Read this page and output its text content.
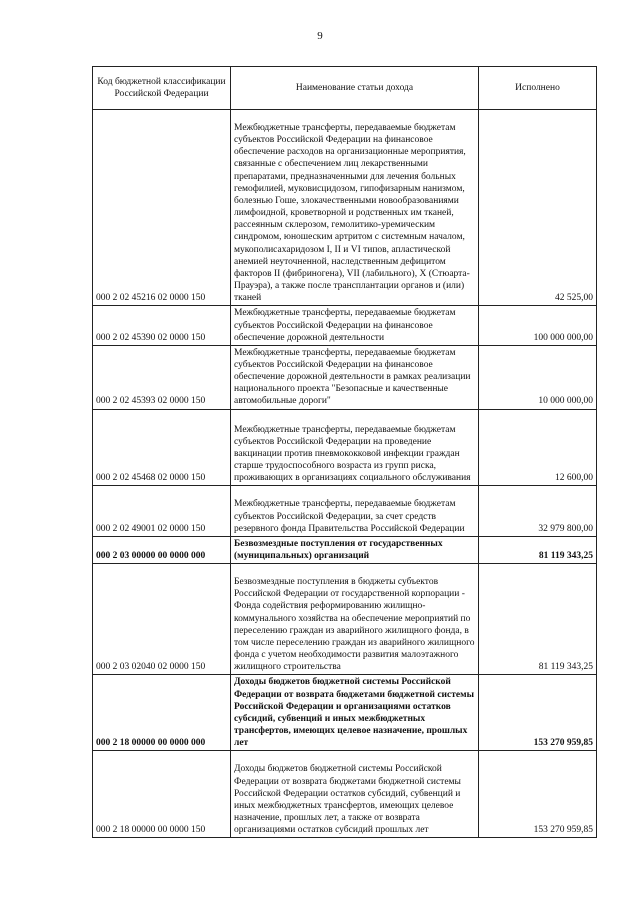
9
Код бюджетной классификации Российской Федерации	Наименование статьи дохода	Исполнено
000 2 02 45216 02 0000 150	Межбюджетные трансферты, передаваемые бюджетам субъектов Российской Федерации на финансовое обеспечение расходов на организационные мероприятия, связанные с обеспечением лиц лекарственными препаратами, предназначенными для лечения больных гемофилией, муковисцидозом, гипофизарным нанизмом, болезнью Гоше, злокачественными новообразованиями лимфоидной, кроветворной и родственных им тканей, рассеянным склерозом, гемолитико-уремическим синдромом, юношеским артритом с системным началом, мукополисахаридозом I, II и VI типов, апластической анемией неуточненной, наследственным дефицитом факторов II (фибриногена), VII (лабильного), X (Стюарта-Прауэра), а также после трансплантации органов и (или) тканей	42 525,00
000 2 02 45390 02 0000 150	Межбюджетные трансферты, передаваемые бюджетам субъектов Российской Федерации на финансовое обеспечение дорожной деятельности	100 000 000,00
000 2 02 45393 02 0000 150	Межбюджетные трансферты, передаваемые бюджетам субъектов Российской Федерации на финансовое обеспечение дорожной деятельности в рамках реализации национального проекта "Безопасные и качественные автомобильные дороги"	10 000 000,00
000 2 02 45468 02 0000 150	Межбюджетные трансферты, передаваемые бюджетам субъектов Российской Федерации на проведение вакцинации против пневмококковой инфекции граждан старше трудоспособного возраста из групп риска, проживающих в организациях социального обслуживания	12 600,00
000 2 02 49001 02 0000 150	Межбюджетные трансферты, передаваемые бюджетам субъектов Российской Федерации, за счет средств резервного фонда Правительства Российской Федерации	32 979 800,00
000 2 03 00000 00 0000 000	Безвозмездные поступления от государственных (муниципальных) организаций	81 119 343,25
000 2 03 02040 02 0000 150	Безвозмездные поступления в бюджеты субъектов Российской Федерации от государственной корпорации - Фонда содействия реформированию жилищно-коммунального хозяйства на обеспечение мероприятий по переселению граждан из аварийного жилищного фонда, в том числе переселению граждан из аварийного жилищного фонда с учетом необходимости развития малоэтажного жилищного строительства	81 119 343,25
000 2 18 00000 00 0000 000	Доходы бюджетов бюджетной системы Российской Федерации от возврата бюджетами бюджетной системы Российской Федерации и организациями остатков субсидий, субвенций и иных межбюджетных трансфертов, имеющих целевое назначение, прошлых лет	153 270 959,85
000 2 18 00000 00 0000 150	Доходы бюджетов бюджетной системы Российской Федерации от возврата бюджетами бюджетной системы Российской Федерации остатков субсидий, субвенций и иных межбюджетных трансфертов, имеющих целевое назначение, прошлых лет, а также от возврата организациями остатков субсидий прошлых лет	153 270 959,85
